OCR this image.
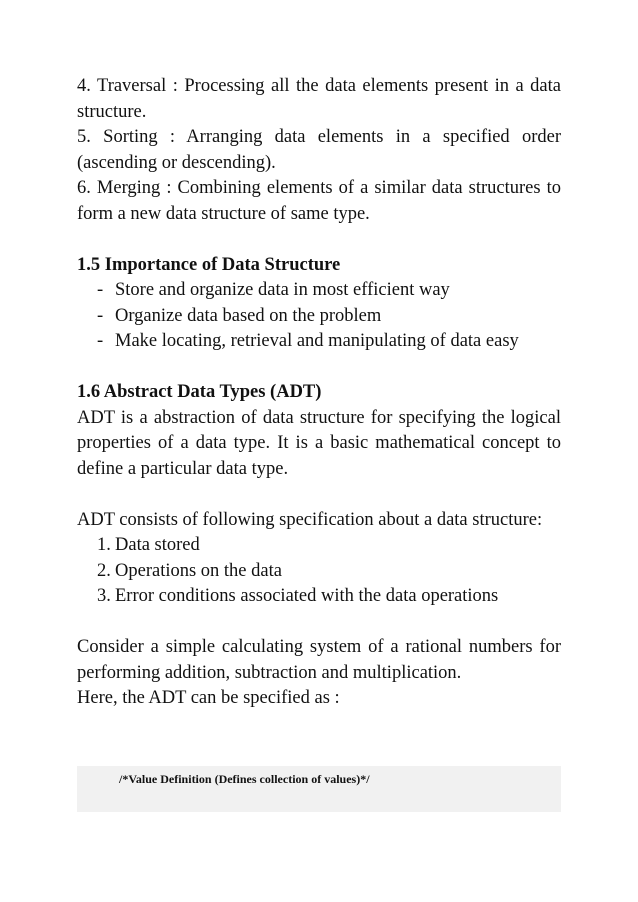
4. Traversal : Processing all the data elements present in a data structure.

5. Sorting : Arranging data elements in a specified order (ascending or descending).

6. Merging : Combining elements of a similar data structures to form a new data structure of same type.

1.5 Importance of Data Structure

- Store and organize data in most efficient way
- Organize data based on the problem
- Make locating, retrieval and manipulating of data easy

1.6 Abstract Data Types (ADT)

ADT is a abstraction of data structure for specifying the logical properties of a data type. It is a basic mathematical concept to define a particular data type.

ADT consists of following specification about a data structure:

1. Data stored
2. Operations on the data
3. Error conditions associated with the data operations

Consider a simple calculating system of a rational numbers for performing addition, subtraction and multiplication.

Here, the ADT can be specified as :

/*Value Definition (Defines collection of values)*/
